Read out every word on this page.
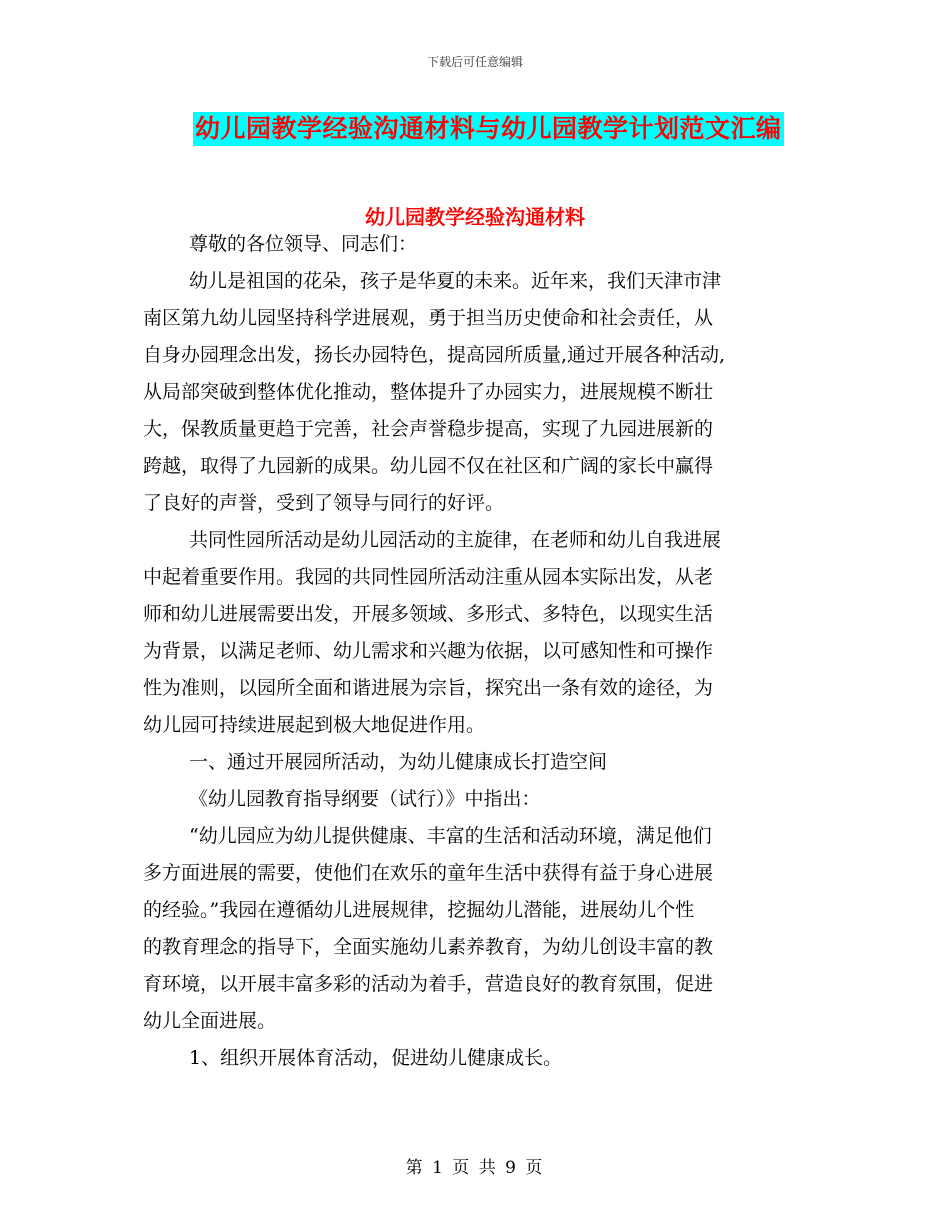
下载后可任意编辑
幼儿园教学经验沟通材料与幼儿园教学计划范文汇编
幼儿园教学经验沟通材料
尊敬的各位领导、同志们：
幼儿是祖国的花朵，孩子是华夏的未来。近年来，我们天津市津
南区第九幼儿园坚持科学进展观，勇于担当历史使命和社会责任，从
自身办园理念出发，扬长办园特色，提高园所质量,通过开展各种活动,
从局部突破到整体优化推动，整体提升了办园实力，进展规模不断壮
大，保教质量更趋于完善，社会声誉稳步提高，实现了九园进展新的
跨越，取得了九园新的成果。幼儿园不仅在社区和广阔的家长中赢得
了良好的声誉，受到了领导与同行的好评。
共同性园所活动是幼儿园活动的主旋律，在老师和幼儿自我进展
中起着重要作用。我园的共同性园所活动注重从园本实际出发，从老
师和幼儿进展需要出发，开展多领域、多形式、多特色，以现实生活
为背景，以满足老师、幼儿需求和兴趣为依据，以可感知性和可操作
性为准则，以园所全面和谐进展为宗旨，探究出一条有效的途径，为
幼儿园可持续进展起到极大地促进作用。
一、通过开展园所活动，为幼儿健康成长打造空间
《幼儿园教育指导纲要（试行）》中指出：
“幼儿园应为幼儿提供健康、丰富的生活和活动环境，满足他们
多方面进展的需要，使他们在欢乐的童年生活中获得有益于身心进展
的经验。”我园在遵循幼儿进展规律，挖掘幼儿潜能，进展幼儿个性
的教育理念的指导下，全面实施幼儿素养教育，为幼儿创设丰富的教
育环境，以开展丰富多彩的活动为着手，营造良好的教育氛围，促进
幼儿全面进展。
1、组织开展体育活动，促进幼儿健康成长。
第 1 页 共 9 页
